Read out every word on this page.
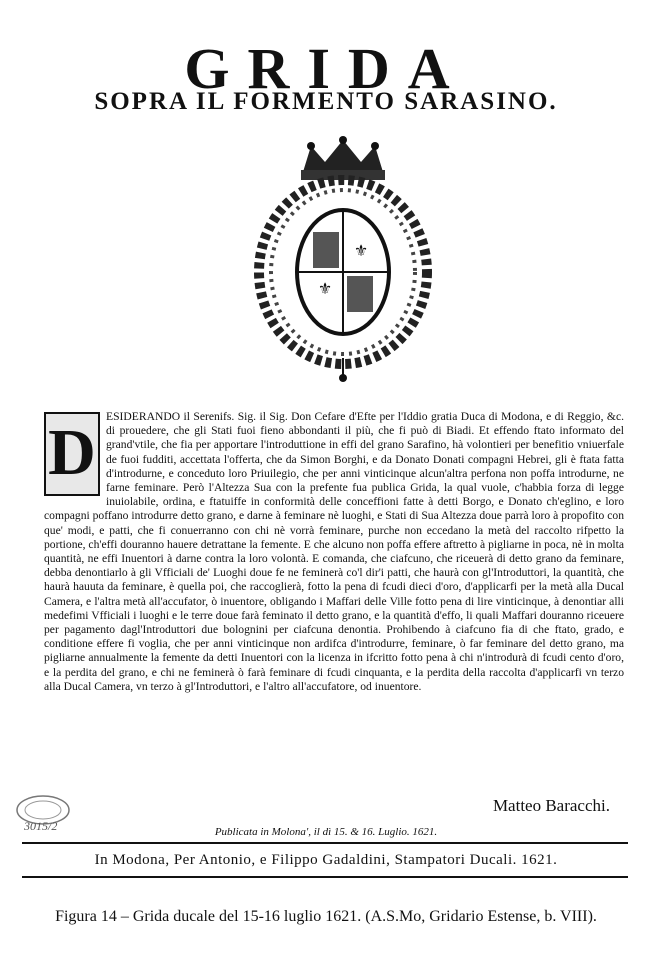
GRIDA
SOPRA IL FORMENTO SARASINO.
⚜
⚜
D ESIDERANDO il Serenifs. Sig. il Sig. Don Cefare d'Efte per l'Iddio gratia Duca di Modona, e di Reggio, &c. di prouedere, che gli Stati fuoi fieno abbondanti il più, che fi può di Biadi. Et effendo ftato informato del grand'vtile, che fia per apportare l'introduttione in effi del grano Sarafino, hà volontieri per benefitio vniuerfale de fuoi fudditi, accettata l'offerta, che da Simon Borghi, e da Donato Donati compagni Hebrei, gli è ftata fatta d'introdurne, e conceduto loro Priuilegio, che per anni vinticinque alcun'altra perfona non poffa introdurne, ne farne feminare. Però l'Altezza Sua con la prefente fua publica Grida, la qual vuole, c'habbia forza di legge inuiolabile, ordina, e ftatuiffe in conformità delle conceffioni fatte à detti Borgo, e Donato ch'eglino, e loro compagni poffano introdurre detto grano, e darne à feminare nè luoghi, e Stati di Sua Altezza doue parrà loro à propofito con que' modi, e patti, che fi conuerranno con chi nè vorrà feminare, purche non eccedano la metà del raccolto rifpetto la portione, ch'effi douranno hauere detrattane la femente. E che alcuno non poffa effere aftretto à pigliarne in poca, nè in molta quantità, ne effi Inuentori à darne contra la loro volontà. E comanda, che ciafcuno, che riceuerà di detto grano da feminare, debba denontiarlo à gli Vfficiali de' Luoghi doue fe ne feminerà co'l dir'i patti, che haurà con gl'Introduttori, la quantità, che haurà hauuta da feminare, è quella poi, che raccoglierà, fotto la pena di fcudi dieci d'oro, d'applicarfi per la metà alla Ducal Camera, e l'altra metà all'accufator, ò inuentore, obligando i Maffari delle Ville fotto pena di lire vinticinque, à denontiar alli medefimi Vfficiali i luoghi e le terre doue farà feminato il detto grano, e la quantità d'effo, li quali Maffari douranno riceuere per pagamento dagl'Introduttori due bolognini per ciafcuna denontia. Prohibendo à ciafcuno fia di che ftato, grado, e conditione effere fi voglia, che per anni vinticinque non ardifca d'introdurre, feminare, ò far feminare del detto grano, ma pigliarne annualmente la femente da detti Inuentori con la licenza in ifcritto fotto pena à chi n'introdurà di fcudi cento d'oro, e la perdita del grano, e chi ne feminerà ò farà feminare di fcudi cinquanta, e la perdita della raccolta d'applicarfi vn terzo alla Ducal Camera, vn terzo à gl'Introduttori, e l'altro all'accufatore, od inuentore.
Matteo Baracchi.
3015/2	Publicata in Molona', il dì 15. & 16. Luglio. 1621.
In Modona, Per Antonio, e Filippo Gadaldini, Stampatori Ducali. 1621.
Figura 14 – Grida ducale del 15-16 luglio 1621. (A.S.Mo, Gridario Estense, b. VIII).
